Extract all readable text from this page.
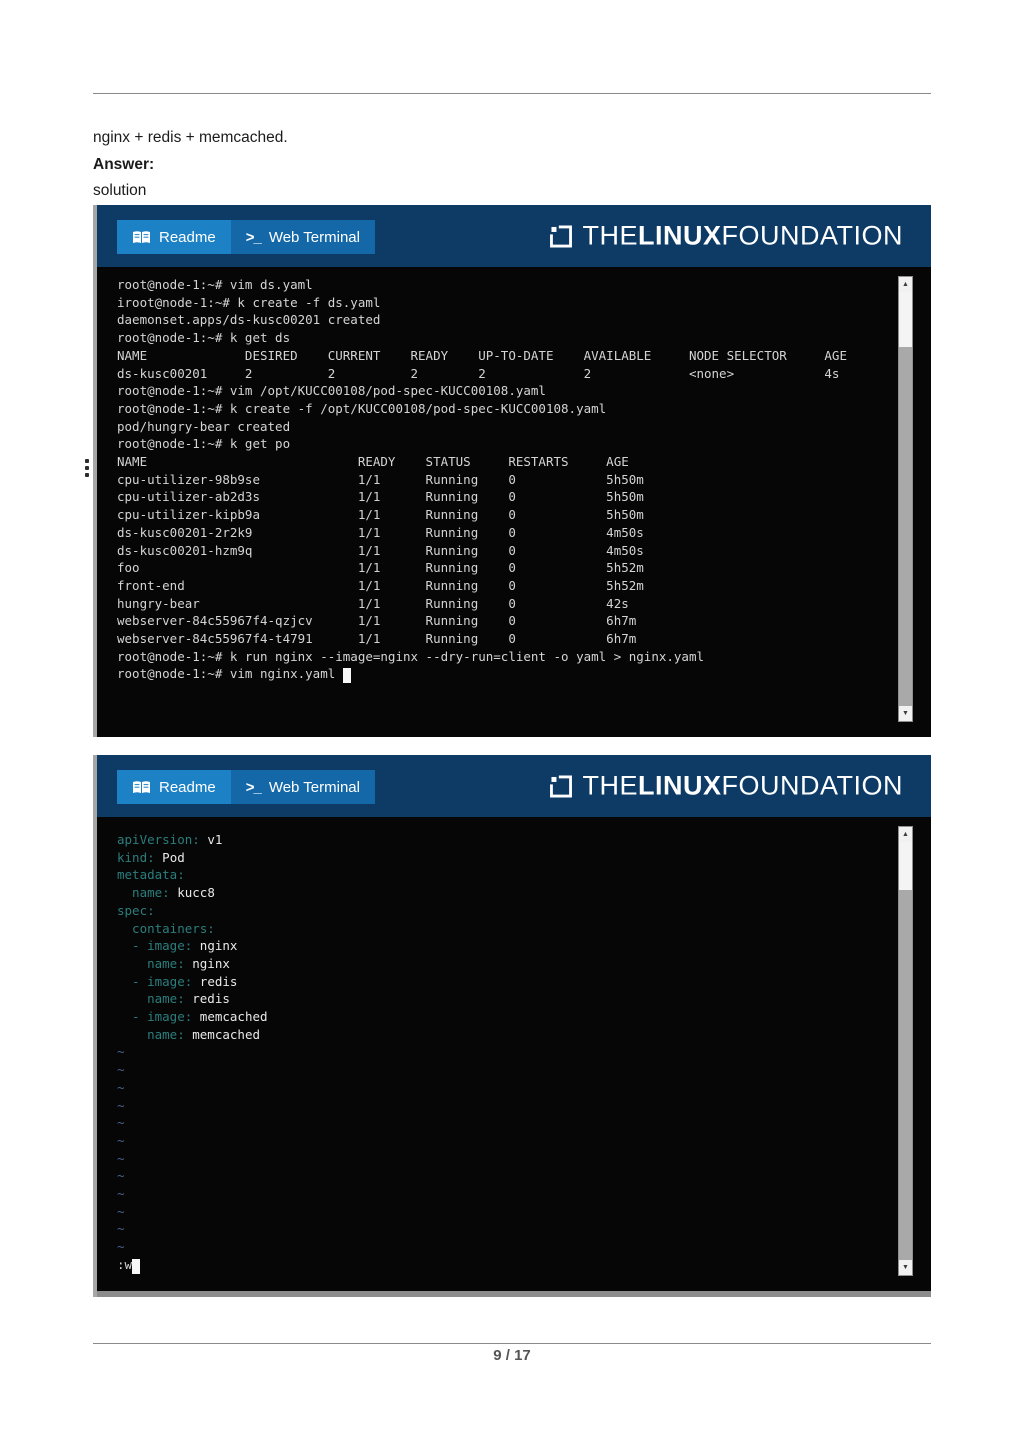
nginx + redis + memcached.
Answer:
solution
Readme >_ Web Terminal	THE LINUX FOUNDATION
root@node-1:~# vim ds.yaml
iroot@node-1:~# k create -f ds.yaml
daemonset.apps/ds-kusc00201 created
root@node-1:~# k get ds
NAME             DESIRED    CURRENT    READY    UP-TO-DATE    AVAILABLE     NODE SELECTOR     AGE
ds-kusc00201     2          2          2        2             2             <none>            4s
root@node-1:~# vim /opt/KUCC00108/pod-spec-KUCC00108.yaml
root@node-1:~# k create -f /opt/KUCC00108/pod-spec-KUCC00108.yaml
pod/hungry-bear created
root@node-1:~# k get po
NAME                            READY    STATUS     RESTARTS     AGE
cpu-utilizer-98b9se             1/1      Running    0            5h50m
cpu-utilizer-ab2d3s             1/1      Running    0            5h50m
cpu-utilizer-kipb9a             1/1      Running    0            5h50m
ds-kusc00201-2r2k9              1/1      Running    0            4m50s
ds-kusc00201-hzm9q              1/1      Running    0            4m50s
foo                             1/1      Running    0            5h52m
front-end                       1/1      Running    0            5h52m
hungry-bear                     1/1      Running    0            42s
webserver-84c55967f4-qzjcv      1/1      Running    0            6h7m
webserver-84c55967f4-t4791      1/1      Running    0            6h7m
root@node-1:~# k run nginx --image=nginx --dry-run=client -o yaml > nginx.yaml
root@node-1:~# vim nginx.yaml
▲
▼
Readme >_ Web Terminal	THE LINUX FOUNDATION
apiVersion: v1
kind: Pod
metadata:
name: kucc8
spec:
containers:
- image: nginx
name: nginx
- image: redis
name: redis
- image: memcached
name: memcached
~
~
~
~
~
~
~
~
~
~
~
~
:w
▲
▼
9 / 17
